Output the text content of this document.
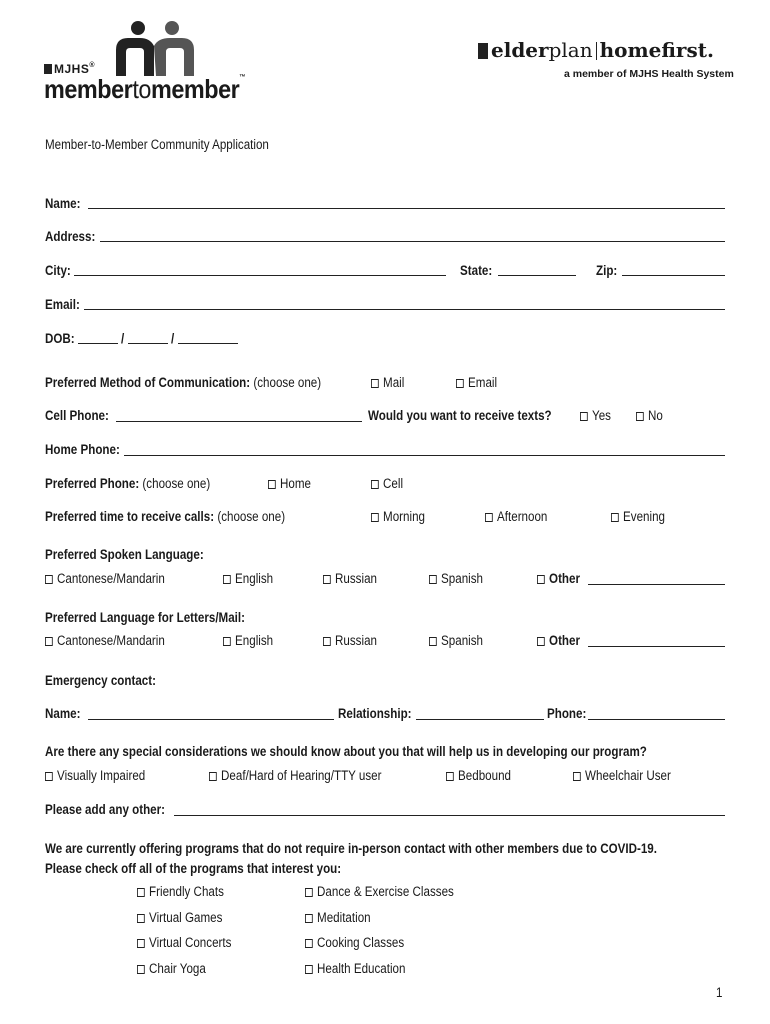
MJHS®
membertomember™
elderplan homefirst.
a member of MJHS Health System
Member-to-Member Community Application
Name:
Address:
City:	State:	Zip:
Email:
DOB:	/	/
Preferred Method of Communication: (choose one)	Mail	Email
Cell Phone:	Would you want to receive texts?	Yes	No
Home Phone:
Preferred Phone: (choose one)	Home	Cell
Preferred time to receive calls: (choose one)	Morning	Afternoon	Evening
Preferred Spoken Language:
Cantonese/Mandarin	English	Russian	Spanish	Other
Preferred Language for Letters/Mail:
Cantonese/Mandarin	English	Russian	Spanish	Other
Emergency contact:
Name:	Relationship:	Phone:
Are there any special considerations we should know about you that will help us in developing our program?
Visually Impaired	Deaf/Hard of Hearing/TTY user	Bedbound	Wheelchair User
Please add any other:
We are currently offering programs that do not require in-person contact with other members due to COVID-19.
Please check off all of the programs that interest you:
Friendly Chats	Dance & Exercise Classes
Virtual Games	Meditation
Virtual Concerts	Cooking Classes
Chair Yoga	Health Education
1
